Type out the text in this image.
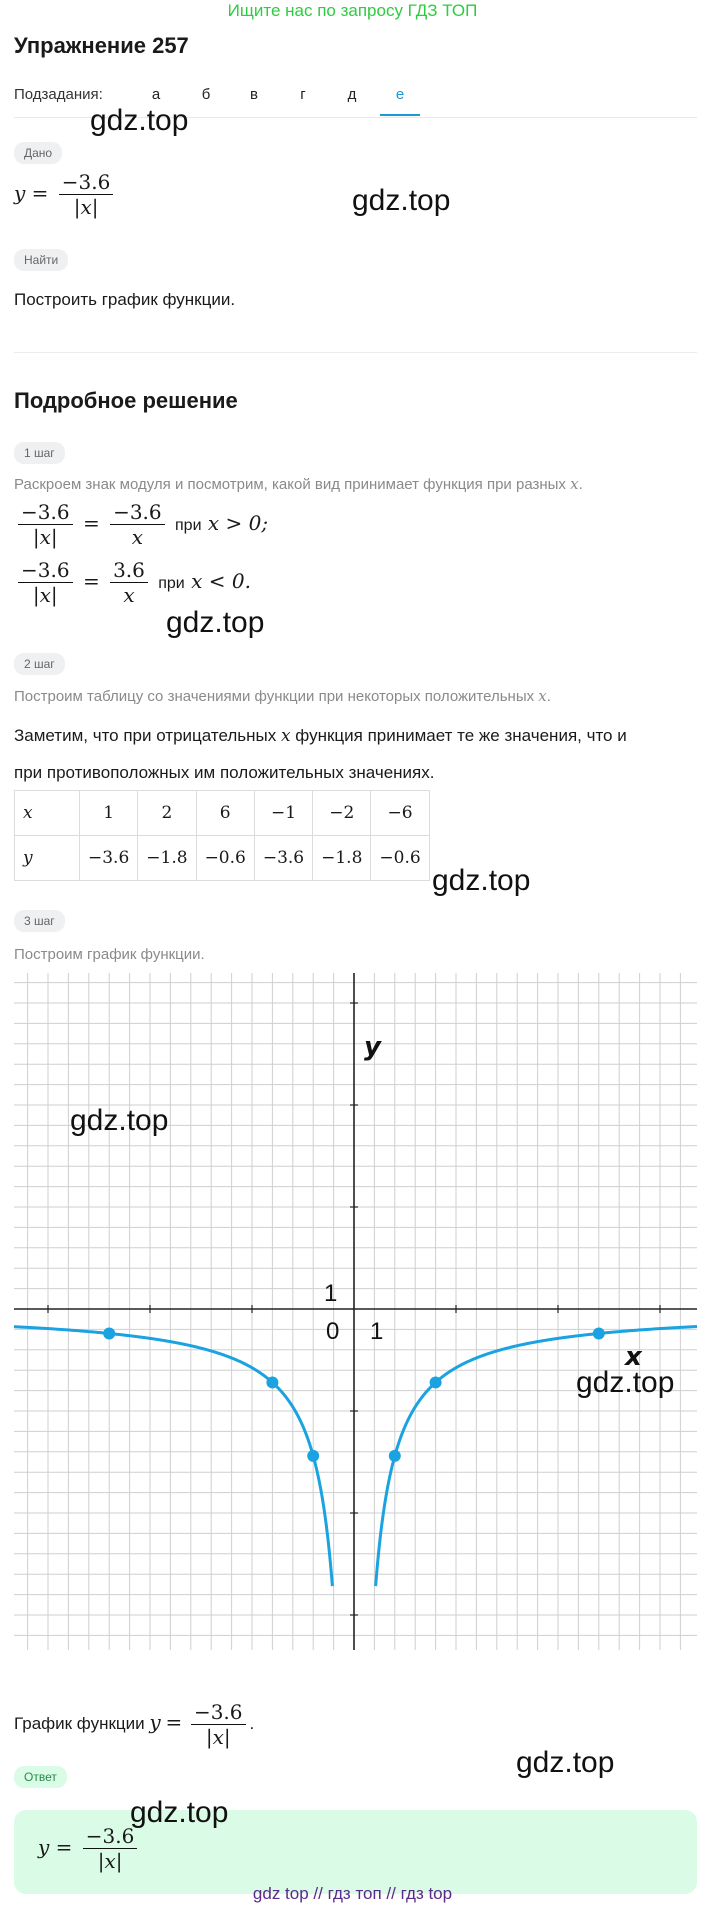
Ищите нас по запросу ГДЗ ТОП
Упражнение 257
Подзадания:	а	б	в	г	д	е
Дано
$y = \frac{-3.6}{|x|}$
Найти
Построить график функции.
Подробное решение
1 шаг
Раскроем знак модуля и посмотрим, какой вид принимает функция при разных x.
$\frac{-3.6}{|x|} = \frac{-3.6}{x}$ при x > 0;
$\frac{-3.6}{|x|} = \frac{3.6}{x}$ при x < 0.
2 шаг
Построим таблицу со значениями функции при некоторых положительных x.
Заметим, что при отрицательных x функция принимает те же значения, что и
при противоположных им положительных значениях.
x	1	2	6	−1	−2	−6
y	−3.6	−1.8	−0.6	−3.6	−1.8	−0.6
3 шаг
Построим график функции.
y
x
0 1
1
График функции $y = \frac{-3.6}{|x|}$ .
Ответ
$y = \frac{-3.6}{|x|}$
gdz.top
gdz.top
gdz.top
gdz.top
gdz.top
gdz.top
gdz.top
gdz.top
gdz top // гдз топ // гдз top
